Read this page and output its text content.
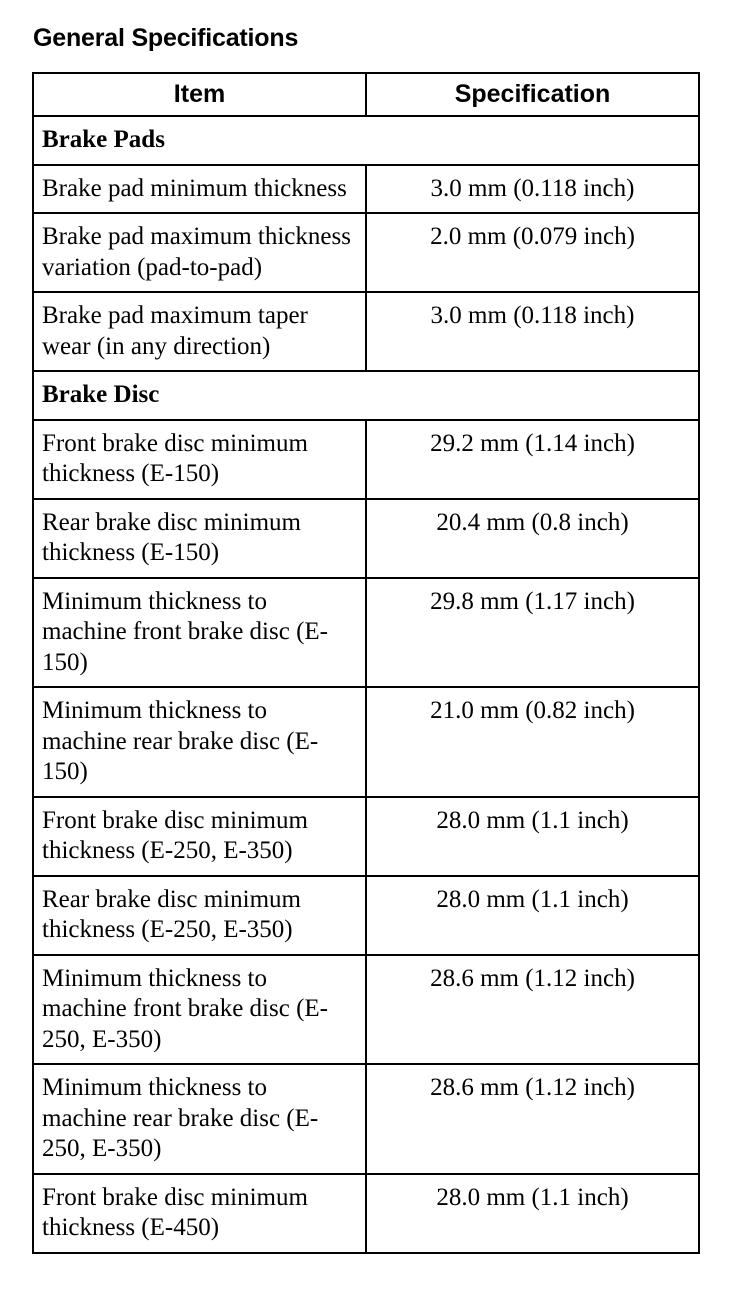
General Specifications
Item	Specification
Brake Pads	
Brake pad minimum thickness	3.0 mm (0.118 inch)
Brake pad maximum thickness variation (pad-to-pad)	2.0 mm (0.079 inch)
Brake pad maximum taper wear (in any direction)	3.0 mm (0.118 inch)
Brake Disc	
Front brake disc minimum thickness (E-150)	29.2 mm (1.14 inch)
Rear brake disc minimum thickness (E-150)	20.4 mm (0.8 inch)
Minimum thickness to machine front brake disc (E-150)	29.8 mm (1.17 inch)
Minimum thickness to machine rear brake disc (E-150)	21.0 mm (0.82 inch)
Front brake disc minimum thickness (E-250, E-350)	28.0 mm (1.1 inch)
Rear brake disc minimum thickness (E-250, E-350)	28.0 mm (1.1 inch)
Minimum thickness to machine front brake disc (E-250, E-350)	28.6 mm (1.12 inch)
Minimum thickness to machine rear brake disc (E-250, E-350)	28.6 mm (1.12 inch)
Front brake disc minimum thickness (E-450)	28.0 mm (1.1 inch)
